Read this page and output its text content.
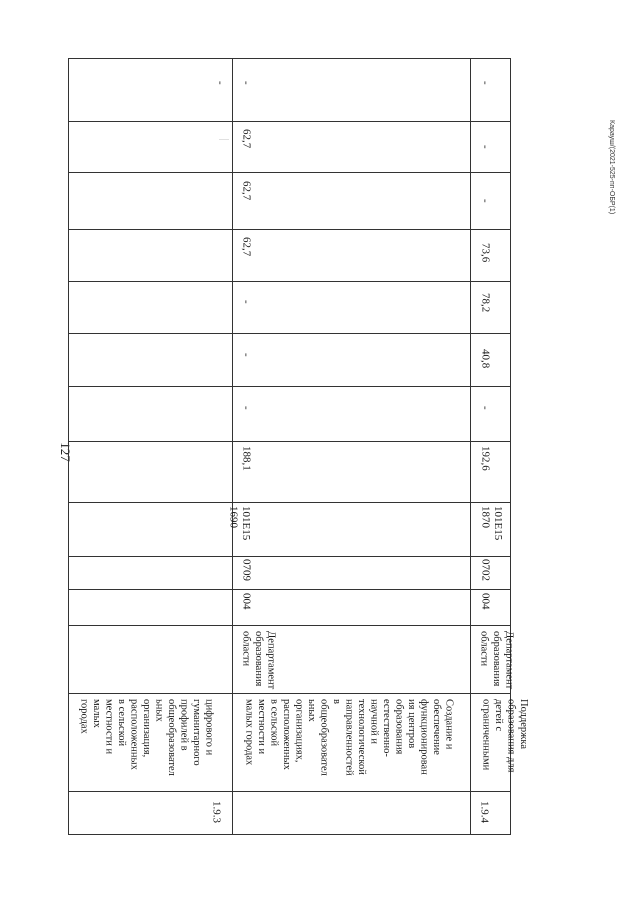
127
Карауш/(2021-525-пп-ОБР(1)
цифрового и
гуманитарного
профилей в
общеобразовател
ьных
организация,
расположенных
в сельской
местности и
малых
городах
-
1.9.3
Создание и
обеспечение
функционирован
ия центров
образования
естественно-
научной и
технологической
направленностей
в
общеобразовател
ьных
организациях,
расположенных
в сельской
местности и
малых городах
Департамент
образования
области
004
0709
101Е15
1690
188,1
-
-
-
62,7
62,7
62,7
-
1.9.4
Поддержка
образования для
детей с
ограниченными
Департамент
образования
области
004
0702
101Е15
1870
192,6
-
40,8
78,2
73,6
-
-
-
